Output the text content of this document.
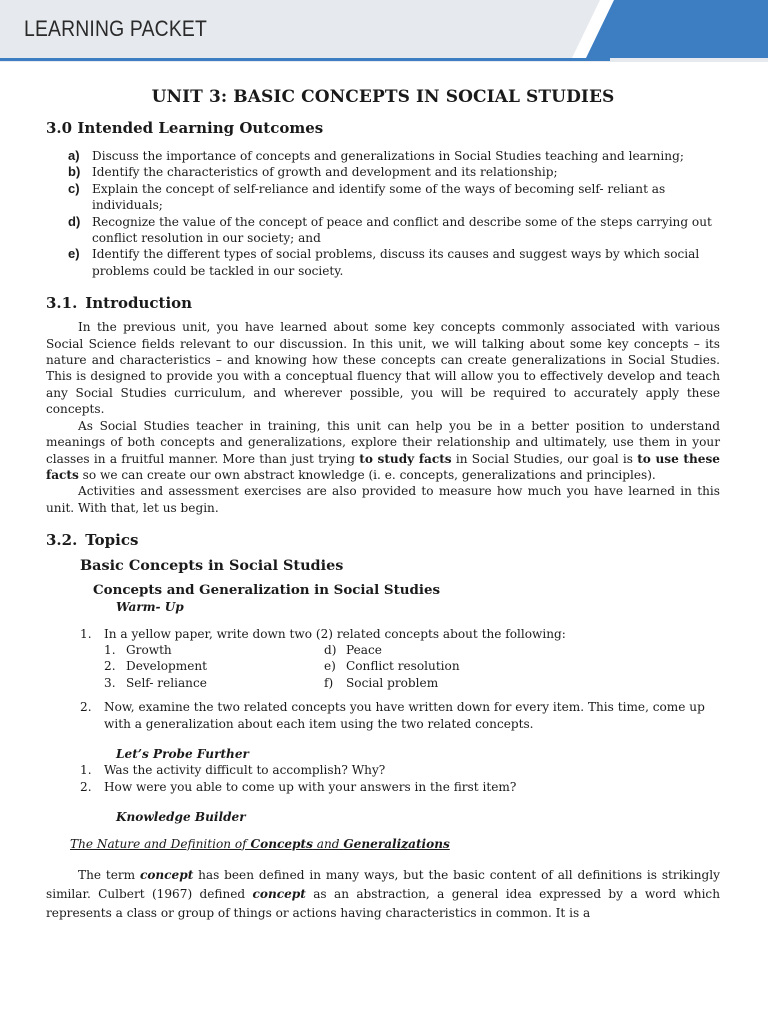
LEARNING PACKET
UNIT 3: BASIC CONCEPTS IN SOCIAL STUDIES
3.0 Intended Learning Outcomes
a) Discuss the importance of concepts and generalizations in Social Studies teaching and learning;
b) Identify the characteristics of growth and development and its relationship;
c) Explain the concept of self-reliance and identify some of the ways of becoming self- reliant as individuals;
d) Recognize the value of the concept of peace and conflict and describe some of the steps carrying out conflict resolution in our society; and
e) Identify the different types of social problems, discuss its causes and suggest ways by which social problems could be tackled in our society.
3.1. Introduction

In the previous unit, you have learned about some key concepts commonly associated with various Social Science fields relevant to our discussion. In this unit, we will talking about some key concepts – its nature and characteristics – and knowing how these concepts can create generalizations in Social Studies. This is designed to provide you with a conceptual fluency that will allow you to effectively develop and teach any Social Studies curriculum, and wherever possible, you will be required to accurately apply these concepts.

As Social Studies teacher in training, this unit can help you be in a better position to understand meanings of both concepts and generalizations, explore their relationship and ultimately, use them in your classes in a fruitful manner. More than just trying to study facts in Social Studies, our goal is to use these facts so we can create our own abstract knowledge (i. e. concepts, generalizations and principles).

Activities and assessment exercises are also provided to measure how much you have learned in this unit. With that, let us begin.

3.2. Topics
Basic Concepts in Social Studies
Concepts and Generalization in Social Studies
Warm- Up
1. In a yellow paper, write down two (2) related concepts about the following:
1. Growth	d) Peace
2. Development	e) Conflict resolution
3. Self- reliance	f) Social problem
2. Now, examine the two related concepts you have written down for every item. This time, come up with a generalization about each item using the two related concepts.
Let’s Probe Further
1. Was the activity difficult to accomplish? Why?
2. How were you able to come up with your answers in the first item?
Knowledge Builder
The Nature and Definition of Concepts and Generalizations

The term concept has been defined in many ways, but the basic content of all definitions is strikingly similar. Culbert (1967) defined concept as an abstraction, a general idea expressed by a word which represents a class or group of things or actions having characteristics in common. It is a
